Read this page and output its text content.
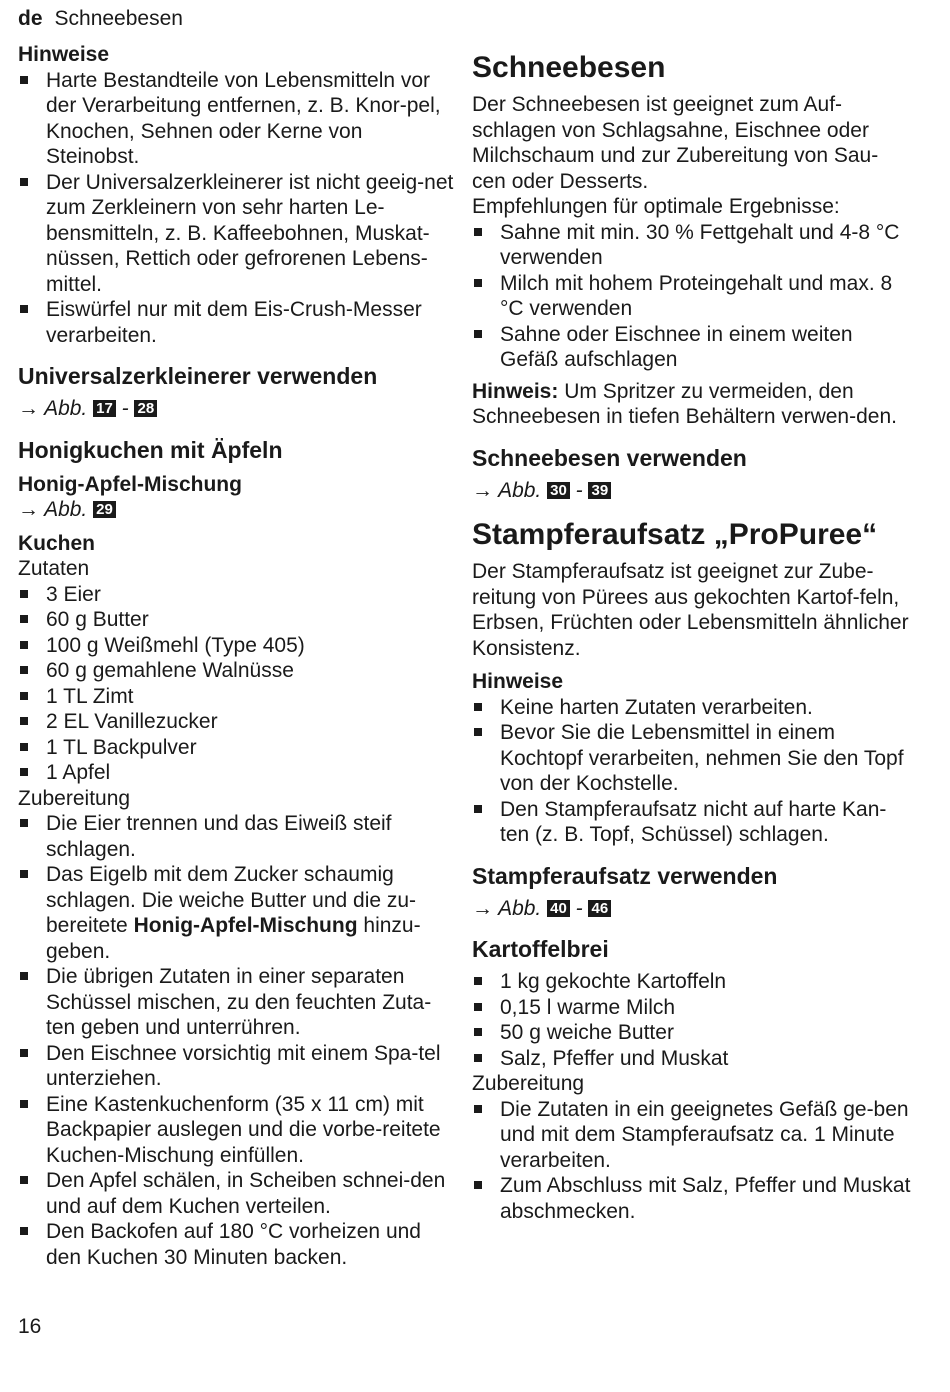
de Schneebesen
Hinweise
Harte Bestandteile von Lebensmitteln vor der Verarbeitung entfernen, z. B. Knor-pel, Knochen, Sehnen oder Kerne von Steinobst.
Der Universalzerkleinerer ist nicht geeig-net zum Zerkleinern von sehr harten Le-bensmitteln, z. B. Kaffeebohnen, Muskat-nüssen, Rettich oder gefrorenen Lebens-mittel.
Eiswürfel nur mit dem Eis-Crush-Messer verarbeiten.
Universalzerkleinerer verwenden

→ Abb. 17 - 28

Honigkuchen mit Äpfeln
Honig-Apfel-Mischung

→ Abb. 29

Kuchen

Zutaten

3 Eier
60 g Butter
100 g Weißmehl (Type 405)
60 g gemahlene Walnüsse
1 TL Zimt
2 EL Vanillezucker
1 TL Backpulver
1 Apfel

Zubereitung

Die Eier trennen und das Eiweiß steif schlagen.
Das Eigelb mit dem Zucker schaumig schlagen. Die weiche Butter und die zu-bereitete Honig-Apfel-Mischung hinzu-geben.
Die übrigen Zutaten in einer separaten Schüssel mischen, zu den feuchten Zuta-ten geben und unterrühren.
Den Eischnee vorsichtig mit einem Spa-tel unterziehen.
Eine Kastenkuchenform (35 x 11 cm) mit Backpapier auslegen und die vorbe-reitete Kuchen-Mischung einfüllen.
Den Apfel schälen, in Scheiben schnei-den und auf dem Kuchen verteilen.
Den Backofen auf 180 °C vorheizen und den Kuchen 30 Minuten backen.
Schneebesen

Der Schneebesen ist geeignet zum Auf-schlagen von Schlagsahne, Eischnee oder Milchschaum und zur Zubereitung von Sau-cen oder Desserts.

Empfehlungen für optimale Ergebnisse:

Sahne mit min. 30 % Fettgehalt und 4-8 °C verwenden
Milch mit hohem Proteingehalt und max. 8 °C verwenden
Sahne oder Eischnee in einem weiten Gefäß aufschlagen

Hinweis: Um Spritzer zu vermeiden, den Schneebesen in tiefen Behältern verwen-den.

Schneebesen verwenden

→ Abb. 30 - 39

Stampferaufsatz „ProPuree“

Der Stampferaufsatz ist geeignet zur Zube-reitung von Pürees aus gekochten Kartof-feln, Erbsen, Früchten oder Lebensmitteln ähnlicher Konsistenz.

Hinweise
Keine harten Zutaten verarbeiten.
Bevor Sie die Lebensmittel in einem Kochtopf verarbeiten, nehmen Sie den Topf von der Kochstelle.
Den Stampferaufsatz nicht auf harte Kan-ten (z. B. Topf, Schüssel) schlagen.
Stampferaufsatz verwenden

→ Abb. 40 - 46

Kartoffelbrei
1 kg gekochte Kartoffeln
0,15 l warme Milch
50 g weiche Butter
Salz, Pfeffer und Muskat

Zubereitung

Die Zutaten in ein geeignetes Gefäß ge-ben und mit dem Stampferaufsatz ca. 1 Minute verarbeiten.
Zum Abschluss mit Salz, Pfeffer und Muskat abschmecken.
16
